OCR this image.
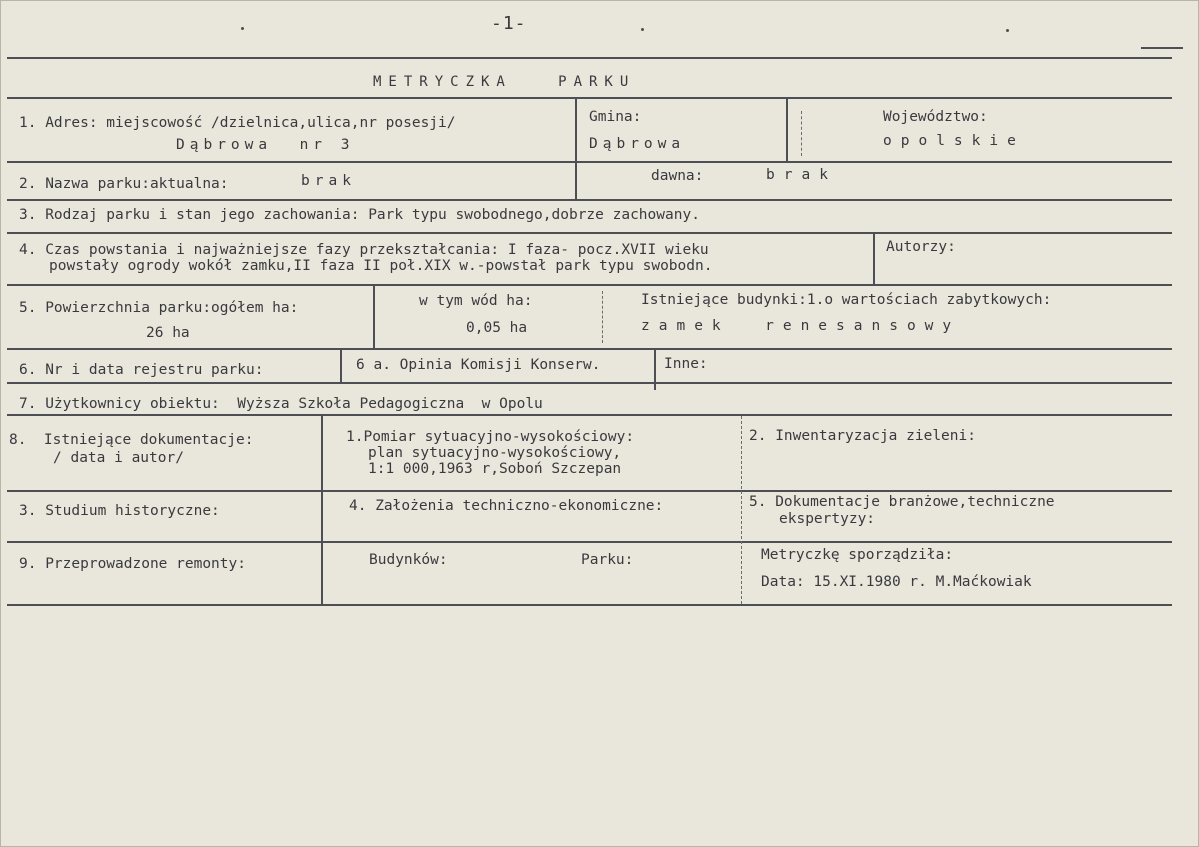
-1-
METRYCZKA   PARKU
1. Adres: miejscowość /dzielnica,ulica,nr posesji/
Dąbrowa  nr 3
Gmina:
Dąbrowa
Województwo:
opolskie
2. Nazwa parku:aktualna:	brak	dawna:	brak
3. Rodzaj parku i stan jego zachowania: Park typu swobodnego,dobrze zachowany.
4. Czas powstania i najważniejsze fazy przekształcania: I faza- pocz.XVII wieku
powstały ogrody wokół zamku,II faza II poł.XIX w.-powstał park typu swobodn.
Autorzy:
5. Powierzchnia parku:ogółem ha:
26 ha
w tym wód ha:
0,05 ha
Istniejące budynki:1.o wartościach zabytkowych:
zamek  renesansowy
6. Nr i data rejestru parku:	6 a. Opinia Komisji Konserw.	Inne:
7. Użytkownicy obiektu:  Wyższa Szkoła Pedagogiczna  w Opolu
8.  Istniejące dokumentacje:
/ data i autor/
1.Pomiar sytuacyjno-wysokościowy:
plan sytuacyjno-wysokościowy,
1:1 000,1963 r,Soboń Szczepan
2. Inwentaryzacja zieleni:
3. Studium historyczne:	4. Założenia techniczno-ekonomiczne:	5. Dokumentacje branżowe,techniczne
ekspertyzy:
9. Przeprowadzone remonty:	Budynków:	Parku:	Metryczkę sporządziła:
Data: 15.XI.1980 r. M.Maćkowiak
